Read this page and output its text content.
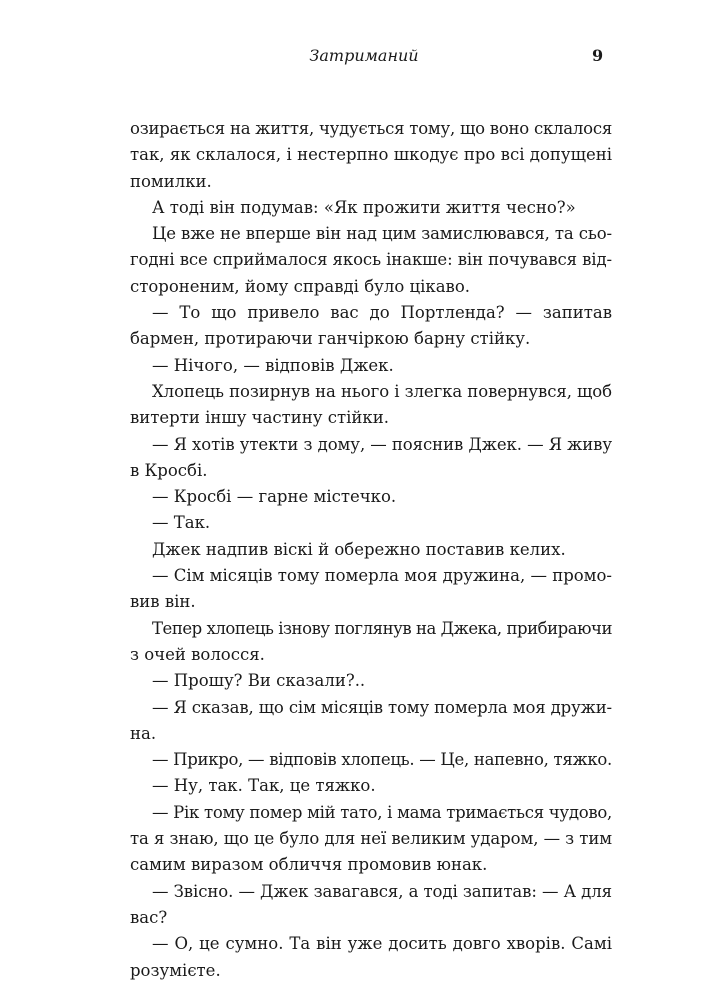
Затриманий	9
озирається на життя, чудується тому, що воно склалося
так, як склалося, і нестерпно шкодує про всі допущені
помилки.
А тоді він подумав: «Як прожити життя чесно?»
Це вже не вперше він над цим замислювався, та сьо-
годні все сприймалося якось інакше: він почувався від-
стороненим, йому справді було цікаво.
— То що привело вас до Портленда? — запитав
бармен, протираючи ганчіркою барну стійку.
— Нічого, — відповів Джек.
Хлопець позирнув на нього і злегка повернувся, щоб
витерти іншу частину стійки.
— Я хотів утекти з дому, — пояснив Джек. — Я живу
в Кросбі.
— Кросбі — гарне містечко.
— Так.
Джек надпив віскі й обережно поставив келих.
— Сім місяців тому померла моя дружина, — промо-
вив він.
Тепер хлопець ізнову поглянув на Джека, прибираючи
з очей волосся.
— Прошу? Ви сказали?..
— Я сказав, що сім місяців тому померла моя дружи-
на.
— Прикро, — відповів хлопець. — Це, напевно, тяжко.
— Ну, так. Так, це тяжко.
— Рік тому помер мій тато, і мама тримається чудово,
та я знаю, що це було для неї великим ударом, — з тим
самим виразом обличчя промовив юнак.
— Звісно. — Джек завагався, а тоді запитав: — А для
вас?
— О, це сумно. Та він уже досить довго хворів. Самі
розумієте.
